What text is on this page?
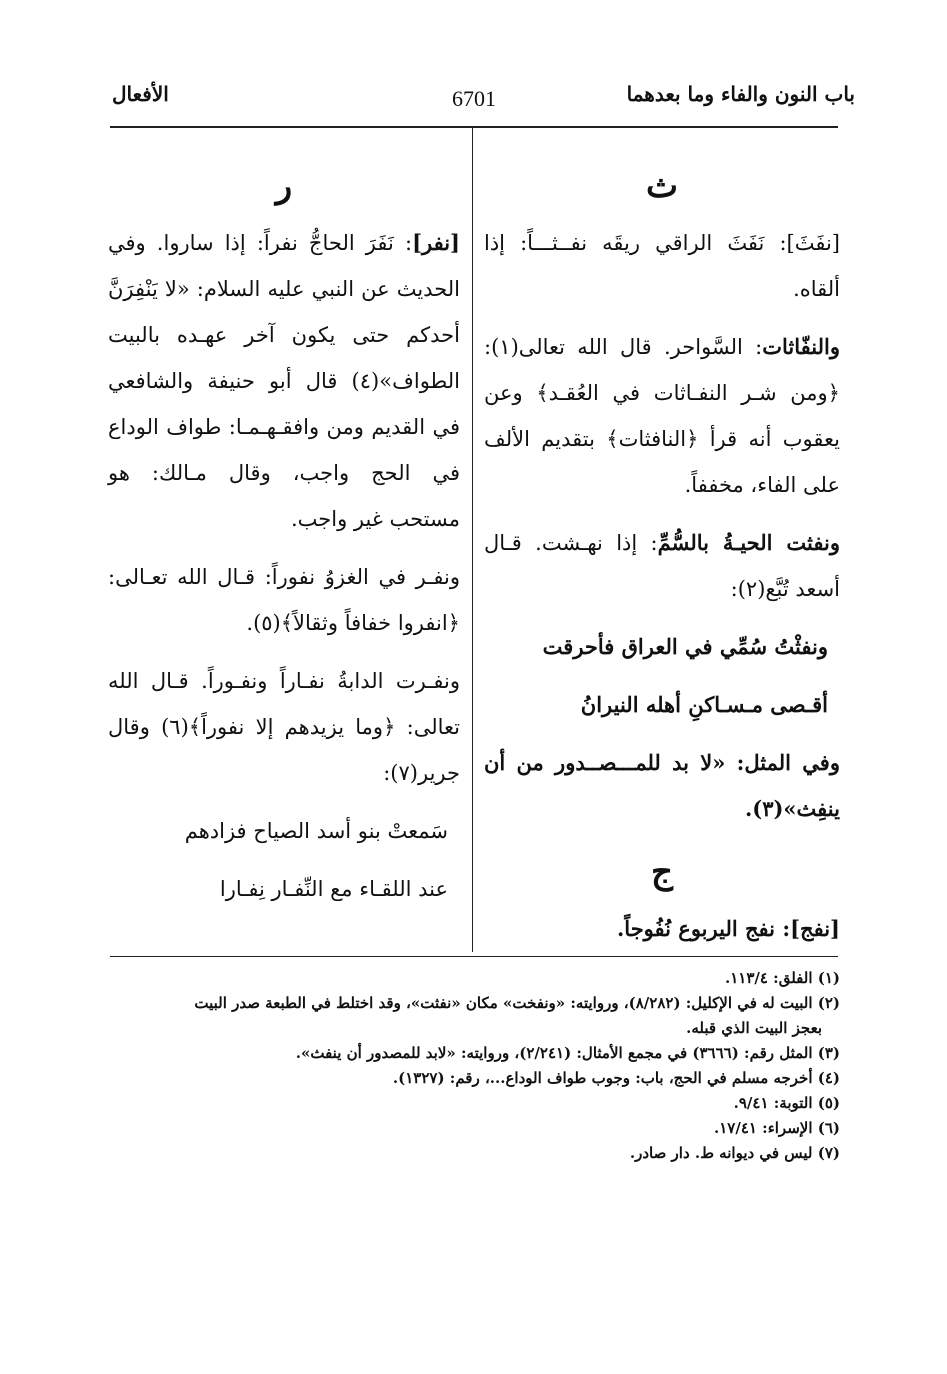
باب النون والفاء وما بعدهما
6701
الأفعال
ث

[نفَثَ]: نَفَثَ الراقي ريقَه نفــثـــاً: إذا ألقاه.

والنفّاثات: السَّواحر. قال الله تعالى(١): ﴿ومن شـر النفـاثات في العُقـد﴾ وعن يعقوب أنه قرأ ﴿النافثات﴾ بتقديم الألف على الفاء، مخففاً.

ونفثت الحيـةُ بالسُّمِّ: إذا نهـشت. قـال أسعد تُبَّع(٢):

ونفثْتُ سُمِّي في العراق فأحرقت

أقـصى مـسـاكنِ أهله النيرانُ

وفي المثل: «لا بد للمـــصــدور من أن ينفِث»(٣).

ج

[نفج]: نفج اليربوع نُفُوجاً.

ر

[نفر]: نَفَرَ الحاجُّ نفراً: إذا ساروا. وفي الحديث عن النبي عليه السلام: «لا يَنْفِرَنَّ أحدكم حتى يكون آخر عهـده بالبيت الطواف»(٤) قال أبو حنيفة والشافعي في القديم ومن وافقـهـمـا: طواف الوداع في الحج واجب، وقال مـالك: هو مستحب غير واجب.

ونفـر في الغزوُ نفوراً: قـال الله تعـالى: ﴿انفروا خفافاً وثقالاً﴾(٥).

ونفـرت الدابةُ نفـاراً ونفـوراً. قـال الله تعالى: ﴿وما يزيدهم إلا نفوراً﴾(٦) وقال جرير(٧):

سَمعتْ بنو أسد الصياح فزادهم

عند اللقـاء مع النِّفـار نِفـارا

(١) الفلق: ١١٣/٤.

(٢) البيت له في الإكليل: (٨/٢٨٢)، وروايته: «ونفخت» مكان «نفثت»، وقد اختلط في الطبعة صدر البيت

بعجز البيت الذي قبله.

(٣) المثل رقم: (٣٦٦٦) في مجمع الأمثال: (٢/٢٤١)، وروايته: «لابد للمصدور أن ينفث».

(٤) أخرجه مسلم في الحج، باب: وجوب طواف الوداع...، رقم: (١٣٢٧).

(٥) التوبة: ٩/٤١.

(٦) الإسراء: ١٧/٤١.

(٧) ليس في ديوانه ط. دار صادر.
